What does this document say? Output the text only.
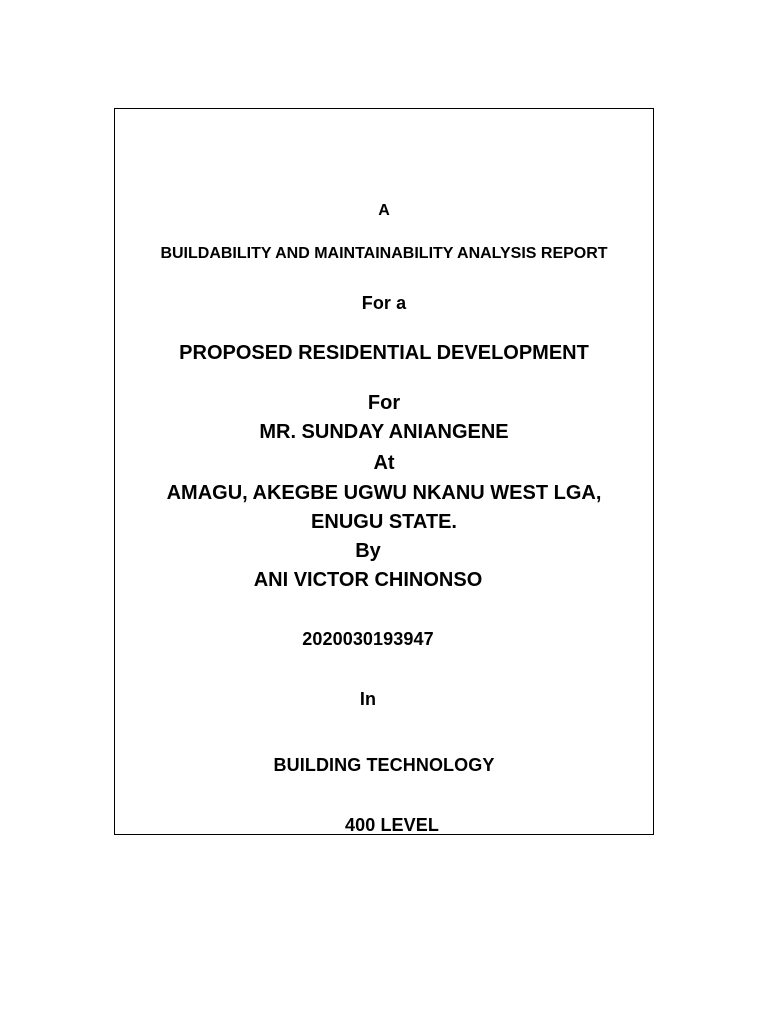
A
BUILDABILITY AND MAINTAINABILITY ANALYSIS REPORT
For a
PROPOSED RESIDENTIAL DEVELOPMENT
For
MR. SUNDAY ANIANGENE
At
AMAGU, AKEGBE UGWU NKANU WEST LGA,
ENUGU STATE.
By
ANI VICTOR CHINONSO
2020030193947
In
BUILDING TECHNOLOGY
400 LEVEL
